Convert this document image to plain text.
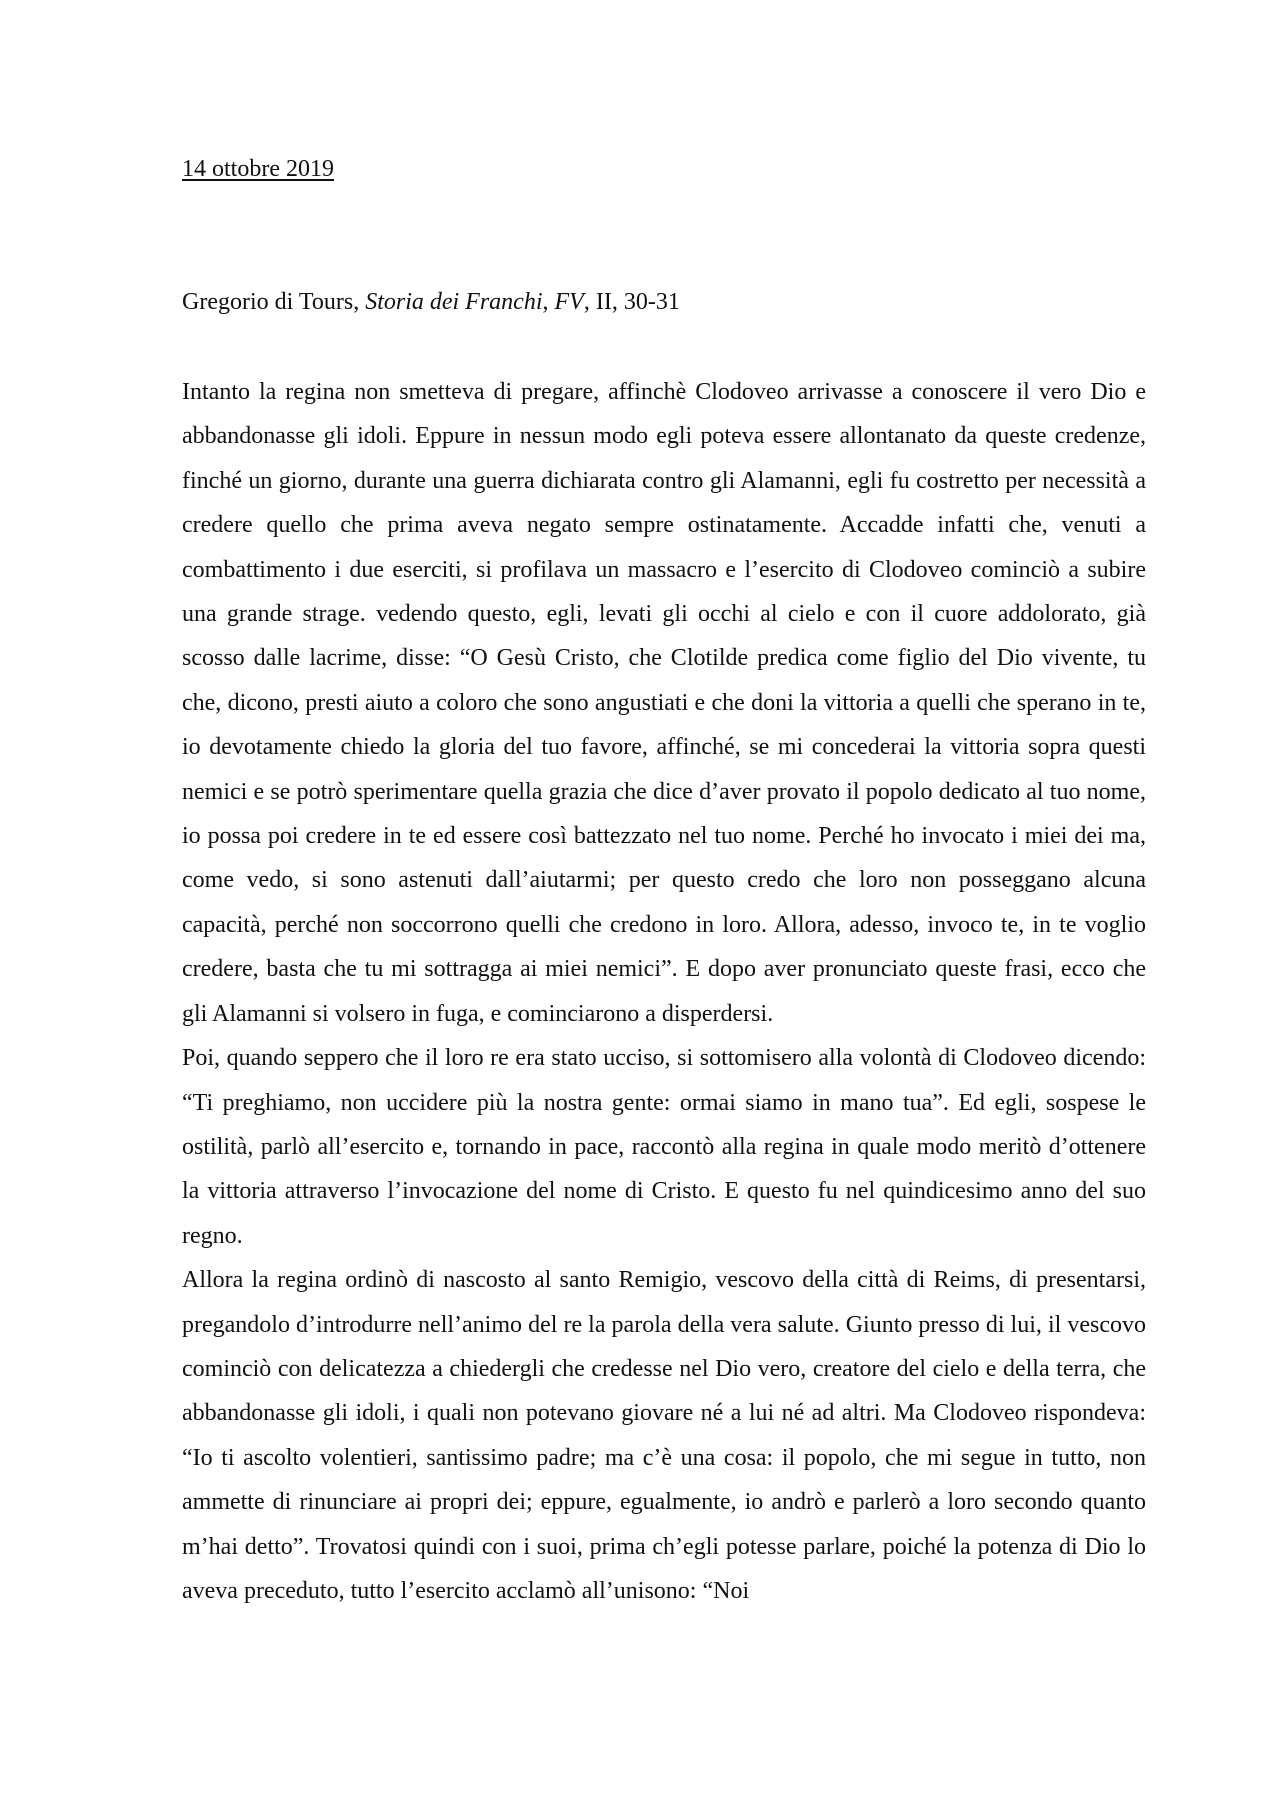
14 ottobre 2019
Gregorio di Tours, Storia dei Franchi, FV, II, 30-31

Intanto la regina non smetteva di pregare, affinchè Clodoveo arrivasse a conoscere il vero Dio e abbandonasse gli idoli. Eppure in nessun modo egli poteva essere allontanato da queste credenze, finché un giorno, durante una guerra dichiarata contro gli Alamanni, egli fu costretto per necessità a credere quello che prima aveva negato sempre ostinatamente. Accadde infatti che, venuti a combattimento i due eserciti, si profilava un massacro e l’esercito di Clodoveo cominciò a subire una grande strage. vedendo questo, egli, levati gli occhi al cielo e con il cuore addolorato, già scosso dalle lacrime, disse: “O Gesù Cristo, che Clotilde predica come figlio del Dio vivente, tu che, dicono, presti aiuto a coloro che sono angustiati e che doni la vittoria a quelli che sperano in te, io devotamente chiedo la gloria del tuo favore, affinché, se mi concederai la vittoria sopra questi nemici e se potrò sperimentare quella grazia che dice d’aver provato il popolo dedicato al tuo nome, io possa poi credere in te ed essere così battezzato nel tuo nome. Perché ho invocato i miei dei ma, come vedo, si sono astenuti dall’aiutarmi; per questo credo che loro non posseggano alcuna capacità, perché non soccorrono quelli che credono in loro. Allora, adesso, invoco te, in te voglio credere, basta che tu mi sottragga ai miei nemici”. E dopo aver pronunciato queste frasi, ecco che gli Alamanni si volsero in fuga, e cominciarono a disperdersi.

Poi, quando seppero che il loro re era stato ucciso, si sottomisero alla volontà di Clodoveo dicendo: “Ti preghiamo, non uccidere più la nostra gente: ormai siamo in mano tua”. Ed egli, sospese le ostilità, parlò all’esercito e, tornando in pace, raccontò alla regina in quale modo meritò d’ottenere la vittoria attraverso l’invocazione del nome di Cristo. E questo fu nel quindicesimo anno del suo regno.

Allora la regina ordinò di nascosto al santo Remigio, vescovo della città di Reims, di presentarsi, pregandolo d’introdurre nell’animo del re la parola della vera salute. Giunto presso di lui, il vescovo cominciò con delicatezza a chiedergli che credesse nel Dio vero, creatore del cielo e della terra, che abbandonasse gli idoli, i quali non potevano giovare né a lui né ad altri. Ma Clodoveo rispondeva: “Io ti ascolto volentieri, santissimo padre; ma c’è una cosa: il popolo, che mi segue in tutto, non ammette di rinunciare ai propri dei; eppure, egualmente, io andrò e parlerò a loro secondo quanto m’hai detto”. Trovatosi quindi con i suoi, prima ch’egli potesse parlare, poiché la potenza di Dio lo aveva preceduto, tutto l’esercito acclamò all’unisono: “Noi
